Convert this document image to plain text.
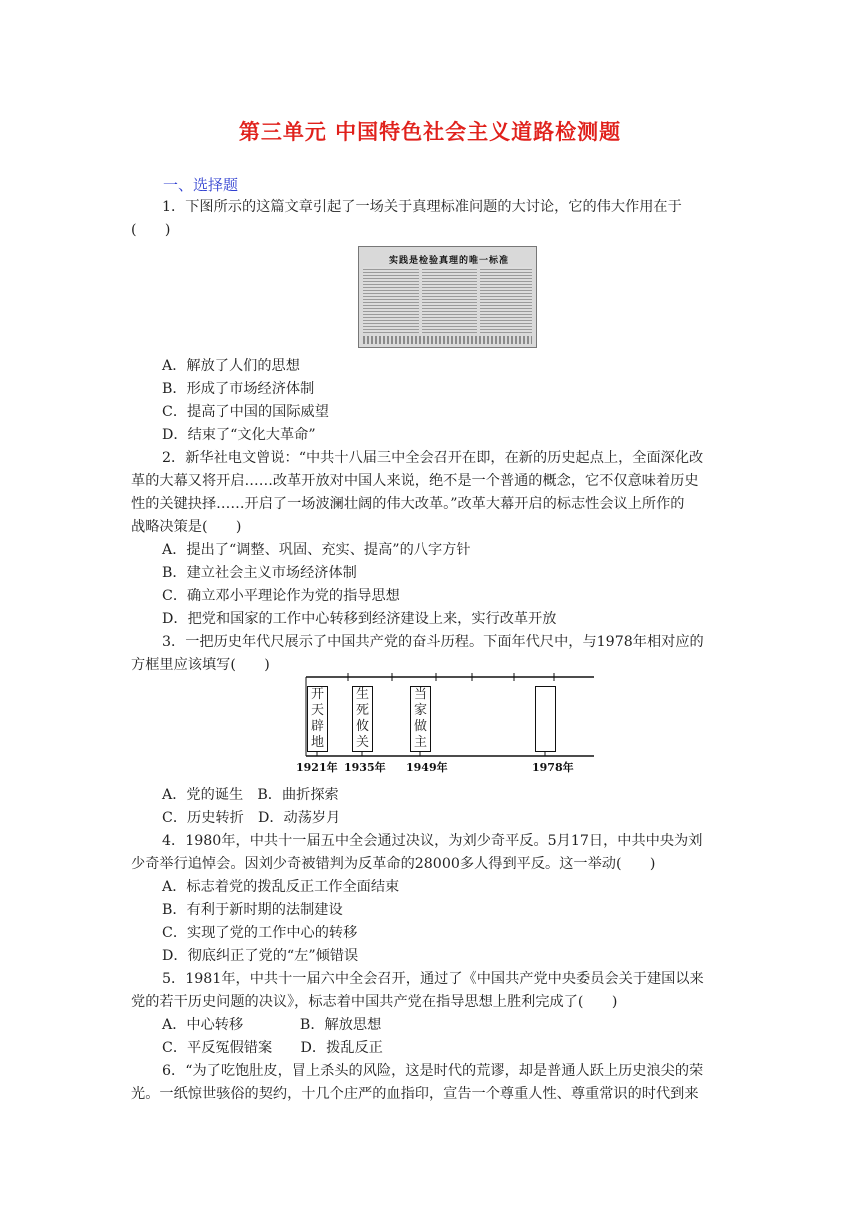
第三单元 中国特色社会主义道路检测题
一、选择题
1．下图所示的这篇文章引起了一场关于真理标准问题的大讨论，它的伟大作用在于
(　　)
实践是检验真理的唯一标准
A．解放了人们的思想
B．形成了市场经济体制
C．提高了中国的国际威望
D．结束了“文化大革命”
2．新华社电文曾说：“中共十八届三中全会召开在即，在新的历史起点上，全面深化改
革的大幕又将开启……改革开放对中国人来说，绝不是一个普通的概念，它不仅意味着历史
性的关键抉择……开启了一场波澜壮阔的伟大改革。”改革大幕开启的标志性会议上所作的
战略决策是(　　)
A．提出了“调整、巩固、充实、提高”的八字方针
B．建立社会主义市场经济体制
C．确立邓小平理论作为党的指导思想
D．把党和国家的工作中心转移到经济建设上来，实行改革开放
3．一把历史年代尺展示了中国共产党的奋斗历程。下面年代尺中，与1978年相对应的
方框里应该填写(　　)
开天辟地
生死攸关
当家做主
1921年 1935年 1949年	1978年
A．党的诞生　B．曲折探索
C．历史转折　D．动荡岁月
4．1980年，中共十一届五中全会通过决议，为刘少奇平反。5月17日，中共中央为刘
少奇举行追悼会。因刘少奇被错判为反革命的28000多人得到平反。这一举动(　　)
A．标志着党的拨乱反正工作全面结束
B．有利于新时期的法制建设
C．实现了党的工作中心的转移
D．彻底纠正了党的“左”倾错误
5．1981年，中共十一届六中全会召开，通过了《中国共产党中央委员会关于建国以来
党的若干历史问题的决议》，标志着中国共产党在指导思想上胜利完成了(　　)
A．中心转移　　　　B．解放思想
C．平反冤假错案　　D．拨乱反正
6．“为了吃饱肚皮，冒上杀头的风险，这是时代的荒谬，却是普通人跃上历史浪尖的荣
光。一纸惊世骇俗的契约，十几个庄严的血指印，宣告一个尊重人性、尊重常识的时代到来
